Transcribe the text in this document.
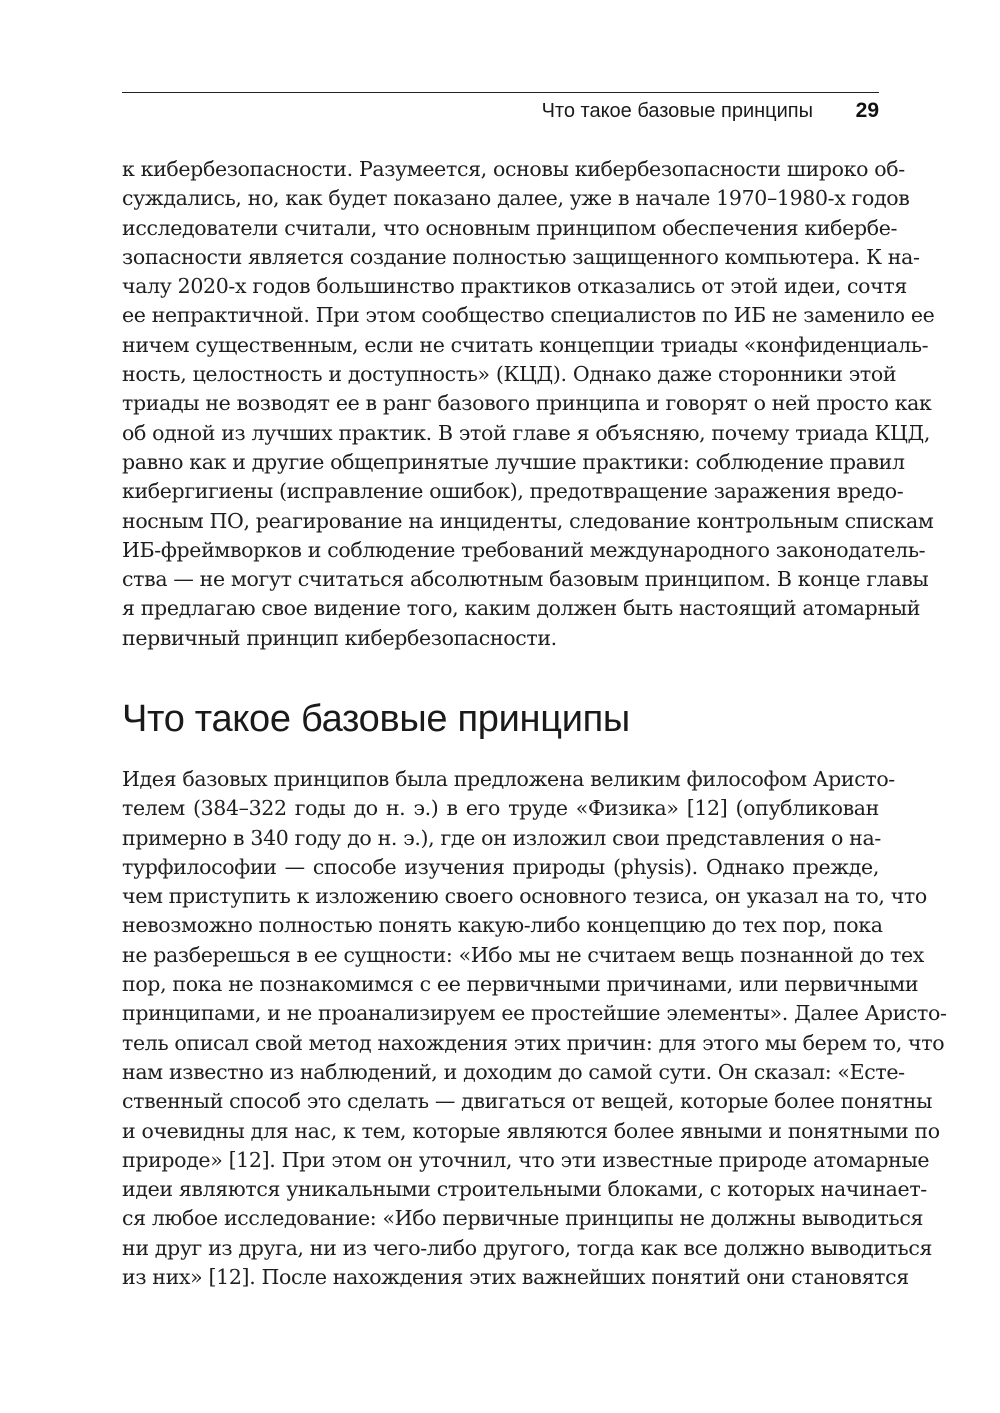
Что такое базовые принципы 29
к кибербезопасности. Разумеется, основы кибербезопасности широко об-
суждались, но, как будет показано далее, уже в начале 1970–1980-х годов
исследователи считали, что основным принципом обеспечения кибербе-
зопасности является создание полностью защищенного компьютера. К на-
чалу 2020-х годов большинство практиков отказались от этой идеи, сочтя
ее непрактичной. При этом сообщество специалистов по ИБ не заменило ее
ничем существенным, если не считать концепции триады «конфиденциаль-
ность, целостность и доступность» (КЦД). Однако даже сторонники этой
триады не возводят ее в ранг базового принципа и говорят о ней просто как
об одной из лучших практик. В этой главе я объясняю, почему триада КЦД,
равно как и другие общепринятые лучшие практики: соблюдение правил
кибергигиены (исправление ошибок), предотвращение заражения вредо-
носным ПО, реагирование на инциденты, следование контрольным спискам
ИБ-фреймворков и соблюдение требований международного законодатель-
ства — не могут считаться абсолютным базовым принципом. В конце главы
я предлагаю свое видение того, каким должен быть настоящий атомарный
первичный принцип кибербезопасности.
Что такое базовые принципы
Идея базовых принципов была предложена великим философом Аристо-
телем (384–322 годы до н. э.) в его труде «Физика» [12] (опубликован
примерно в 340 году до н. э.), где он изложил свои представления о на-
турфилософии — способе изучения природы (physis). Однако прежде,
чем приступить к изложению своего основного тезиса, он указал на то, что
невозможно полностью понять какую-либо концепцию до тех пор, пока
не разберешься в ее сущности: «Ибо мы не считаем вещь познанной до тех
пор, пока не познакомимся с ее первичными причинами, или первичными
принципами, и не проанализируем ее простейшие элементы». Далее Аристо-
тель описал свой метод нахождения этих причин: для этого мы берем то, что
нам известно из наблюдений, и доходим до самой сути. Он сказал: «Есте-
ственный способ это сделать — двигаться от вещей, которые более понятны
и очевидны для нас, к тем, которые являются более явными и понятными по
природе» [12]. При этом он уточнил, что эти известные природе атомарные
идеи являются уникальными строительными блоками, с которых начинает-
ся любое исследование: «Ибо первичные принципы не должны выводиться
ни друг из друга, ни из чего-либо другого, тогда как все должно выводиться
из них» [12]. После нахождения этих важнейших понятий они становятся
